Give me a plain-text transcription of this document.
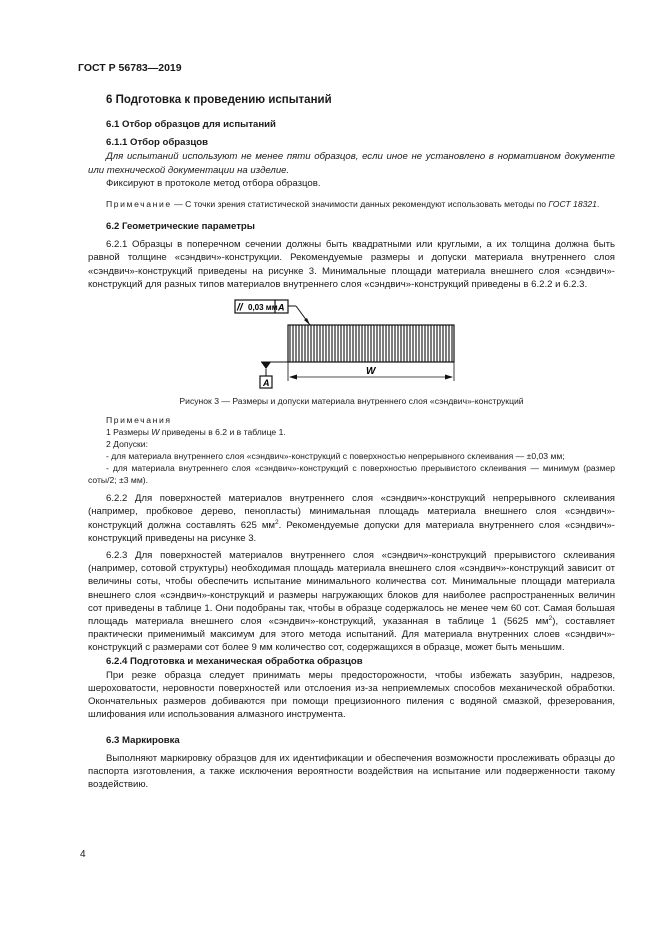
ГОСТ Р 56783—2019
6 Подготовка к проведению испытаний
6.1 Отбор образцов для испытаний
6.1.1 Отбор образцов

Для испытаний используют не менее пяти образцов, если иное не установлено в нормативном документе или технической документации на изделие.

Фиксируют в протоколе метод отбора образцов.

Примечание — С точки зрения статистической значимости данных рекомендуют использовать методы по ГОСТ 18321.

6.2 Геометрические параметры

6.2.1 Образцы в поперечном сечении должны быть квадратными или круглыми, а их толщина должна быть равной толщине «сэндвич»-конструкции. Рекомендуемые размеры и допуски материала внутреннего слоя «сэндвич»-конструкций приведены на рисунке 3. Минимальные площади материала внешнего слоя «сэндвич»-конструкций для разных типов материалов внутреннего слоя «сэндвич»-конструкций приведены в 6.2.2 и 6.2.3.

// 0,03 мм A
A
W
Рисунок 3 — Размеры и допуски материала внутреннего слоя «сэндвич»-конструкций

Примечания

1 Размеры W приведены в 6.2 и в таблице 1.

2 Допуски:

- для материала внутреннего слоя «сэндвич»-конструкций с поверхностью непрерывного склеивания — ±0,03 мм;

- для материала внутреннего слоя «сэндвич»-конструкций с поверхностью прерывистого склеивания — минимум (размер соты/2; ±3 мм).

6.2.2 Для поверхностей материалов внутреннего слоя «сэндвич»-конструкций непрерывного склеивания (например, пробковое дерево, пенопласты) минимальная площадь материала внешнего слоя «сэндвич»-конструкций должна составлять 625 $мм^2$. Рекомендуемые допуски для материала внутреннего слоя «сэндвич»-конструкций приведены на рисунке 3.

6.2.3 Для поверхностей материалов внутреннего слоя «сэндвич»-конструкций прерывистого склеивания (например, сотовой структуры) необходимая площадь материала внешнего слоя «сэндвич»-конструкций зависит от величины соты, чтобы обеспечить испытание минимального количества сот. Минимальные площади материала внешнего слоя «сэндвич»-конструкций и размеры нагружающих блоков для наиболее распространенных величин сот приведены в таблице 1. Они подобраны так, чтобы в образце содержалось не менее чем 60 сот. Самая большая площадь материала внешнего слоя «сэндвич»-конструкций, указанная в таблице 1 (5625 $мм^2$), составляет практически применимый максимум для этого метода испытаний. Для материала внутренних слоев «сэндвич»-конструкций с размерами сот более 9 мм количество сот, содержащихся в образце, может быть меньшим.

6.2.4 Подготовка и механическая обработка образцов

При резке образца следует принимать меры предосторожности, чтобы избежать зазубрин, надрезов, шероховатости, неровности поверхностей или отслоения из-за неприемлемых способов механической обработки. Окончательных размеров добиваются при помощи прецизионного пиления с водяной смазкой, фрезерования, шлифования или использования алмазного инструмента.

6.3 Маркировка

Выполняют маркировку образцов для их идентификации и обеспечения возможности прослеживать образцы до паспорта изготовления, а также исключения вероятности воздействия на испытание или подверженности такому воздействию.

4
